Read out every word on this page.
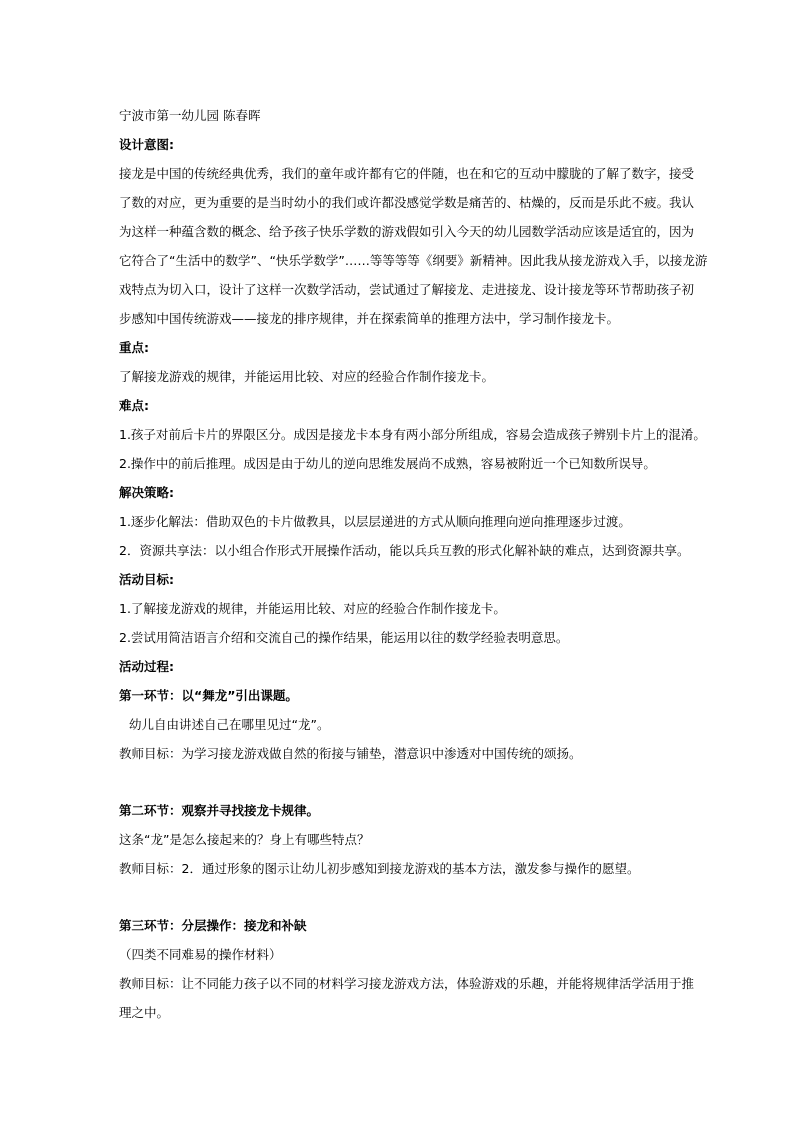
宁波市第一幼儿园 陈春晖

设计意图:

接龙是中国的传统经典优秀，我们的童年或许都有它的伴随，也在和它的互动中朦胧的了解了数字，接受

了数的对应，更为重要的是当时幼小的我们或许都没感觉学数是痛苦的、枯燥的，反而是乐此不疲。我认

为这样一种蕴含数的概念、给予孩子快乐学数的游戏假如引入今天的幼儿园数学活动应该是适宜的，因为

它符合了“生活中的数学”、“快乐学数学”……等等等等《纲要》新精神。因此我从接龙游戏入手，以接龙游

戏特点为切入口，设计了这样一次数学活动，尝试通过了解接龙、走进接龙、设计接龙等环节帮助孩子初

步感知中国传统游戏——接龙的排序规律，并在探索简单的推理方法中，学习制作接龙卡。

重点:

了解接龙游戏的规律，并能运用比较、对应的经验合作制作接龙卡。

难点:

1.孩子对前后卡片的界限区分。成因是接龙卡本身有两小部分所组成，容易会造成孩子辨别卡片上的混淆。

2.操作中的前后推理。成因是由于幼儿的逆向思维发展尚不成熟，容易被附近一个已知数所误导。

解决策略:

1.逐步化解法：借助双色的卡片做教具，以层层递进的方式从顺向推理向逆向推理逐步过渡。

2．资源共享法：以小组合作形式开展操作活动，能以兵兵互教的形式化解补缺的难点，达到资源共享。

活动目标:

1.了解接龙游戏的规律，并能运用比较、对应的经验合作制作接龙卡。

2.尝试用简洁语言介绍和交流自己的操作结果，能运用以往的数学经验表明意思。

活动过程:

第一环节：以“舞龙”引出课题。

幼儿自由讲述自己在哪里见过“龙”。

教师目标：为学习接龙游戏做自然的衔接与铺垫，潜意识中渗透对中国传统的颂扬。

第二环节：观察并寻找接龙卡规律。

这条“龙”是怎么接起来的？身上有哪些特点？

教师目标：2．通过形象的图示让幼儿初步感知到接龙游戏的基本方法，激发参与操作的愿望。

第三环节：分层操作：接龙和补缺

（四类不同难易的操作材料）

教师目标：让不同能力孩子以不同的材料学习接龙游戏方法，体验游戏的乐趣，并能将规律活学活用于推

理之中。
